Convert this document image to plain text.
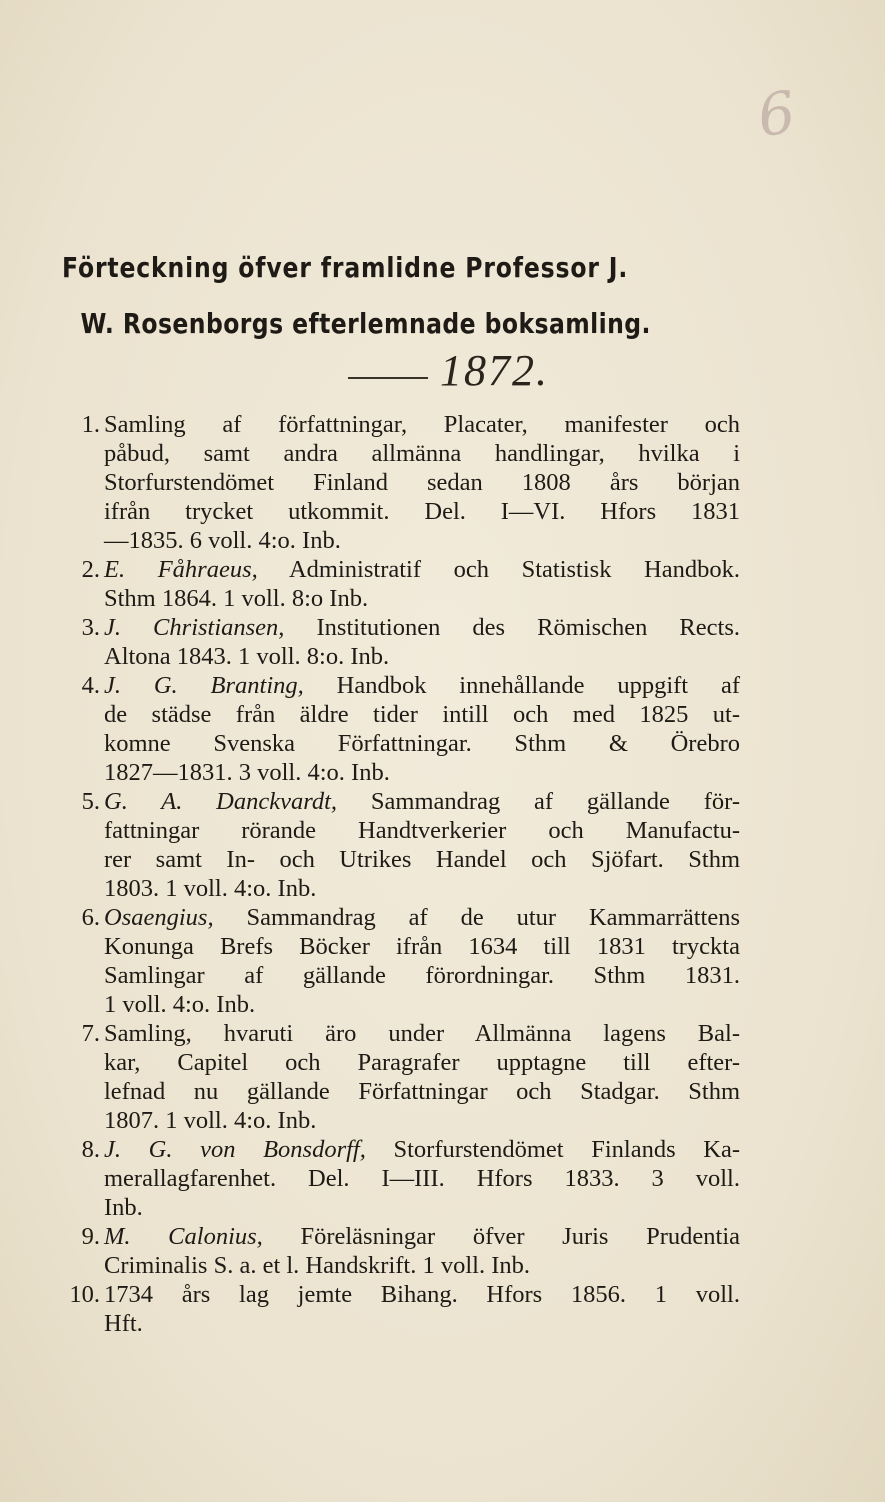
6
Förteckning öfver framlidne Professor J.
W. Rosenborgs efterlemnade boksamling.
1872.
1. Samling af författningar, Placater, manifester och
påbud, samt andra allmänna handlingar, hvilka i
Storfurstendömet Finland sedan 1808 års början
ifrån trycket utkommit. Del. I—VI. Hfors 1831
—1835. 6 voll. 4:o. Inb.
2. E. Fåhraeus, Administratif och Statistisk Handbok.
Sthm 1864. 1 voll. 8:o Inb.
3. J. Christiansen, Institutionen des Römischen Rects.
Altona 1843. 1 voll. 8:o. Inb.
4. J. G. Branting, Handbok innehållande uppgift af
de städse från äldre tider intill och med 1825 ut-
komne Svenska Författningar. Sthm & Örebro
1827—1831. 3 voll. 4:o. Inb.
5. G. A. Danckvardt, Sammandrag af gällande för-
fattningar rörande Handtverkerier och Manufactu-
rer samt In- och Utrikes Handel och Sjöfart. Sthm
1803. 1 voll. 4:o. Inb.
6. Osaengius, Sammandrag af de utur Kammarrättens
Konunga Brefs Böcker ifrån 1634 till 1831 tryckta
Samlingar af gällande förordningar. Sthm 1831.
1 voll. 4:o. Inb.
7. Samling, hvaruti äro under Allmänna lagens Bal-
kar, Capitel och Paragrafer upptagne till efter-
lefnad nu gällande Författningar och Stadgar. Sthm
1807. 1 voll. 4:o. Inb.
8. J. G. von Bonsdorff, Storfurstendömet Finlands Ka-
merallagfarenhet. Del. I—III. Hfors 1833. 3 voll.
Inb.
9. M. Calonius, Föreläsningar öfver Juris Prudentia
Criminalis S. a. et l. Handskrift. 1 voll. Inb.
10. 1734 års lag jemte Bihang. Hfors 1856. 1 voll.
Hft.
